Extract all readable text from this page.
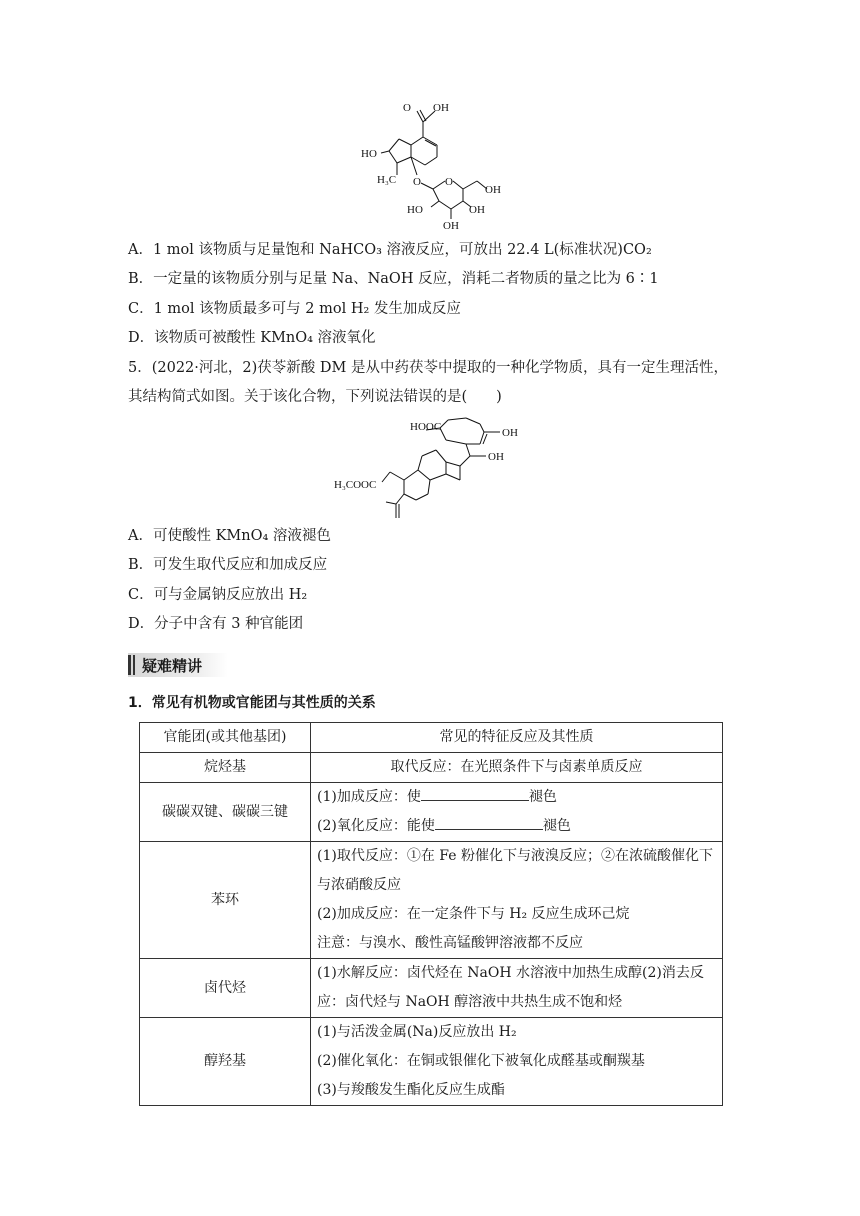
O OH
HO
H₃C O O
OH
HO	OH
OH
A．1 mol 该物质与足量饱和 NaHCO₃ 溶液反应，可放出 22.4 L(标准状况)CO₂
B．一定量的该物质分别与足量 Na、NaOH 反应，消耗二者物质的量之比为 6∶1
C．1 mol 该物质最多可与 2 mol H₂ 发生加成反应
D．该物质可被酸性 KMnO₄ 溶液氧化
5．(2022·河北，2)茯苓新酸 DM 是从中药茯苓中提取的一种化学物质，具有一定生理活性，
其结构简式如图。关于该化合物，下列说法错误的是(　　)
HOOC	OH
OH
H₃COOC
A．可使酸性 KMnO₄ 溶液褪色
B．可发生取代反应和加成反应
C．可与金属钠反应放出 H₂
D．分子中含有 3 种官能团
疑难精讲
1．常见有机物或官能团与其性质的关系
官能团(或其他基团)	常见的特征反应及其性质
烷烃基	取代反应：在光照条件下与卤素单质反应
碳碳双键、碳碳三键	(1)加成反应：使 褪色
(2)氧化反应：能使 褪色

苯环	(1)取代反应：①在 Fe 粉催化下与液溴反应；②在浓硫酸催化下与浓硝酸反应
(2)加成反应：在一定条件下与 H₂ 反应生成环己烷
注意：与溴水、酸性高锰酸钾溶液都不反应

卤代烃	(1)水解反应：卤代烃在 NaOH 水溶液中加热生成醇(2)消去反应：卤代烃与 NaOH 醇溶液中共热生成不饱和烃
醇羟基	(1)与活泼金属(Na)反应放出 H₂
(2)催化氧化：在铜或银催化下被氧化成醛基或酮羰基
(3)与羧酸发生酯化反应生成酯
